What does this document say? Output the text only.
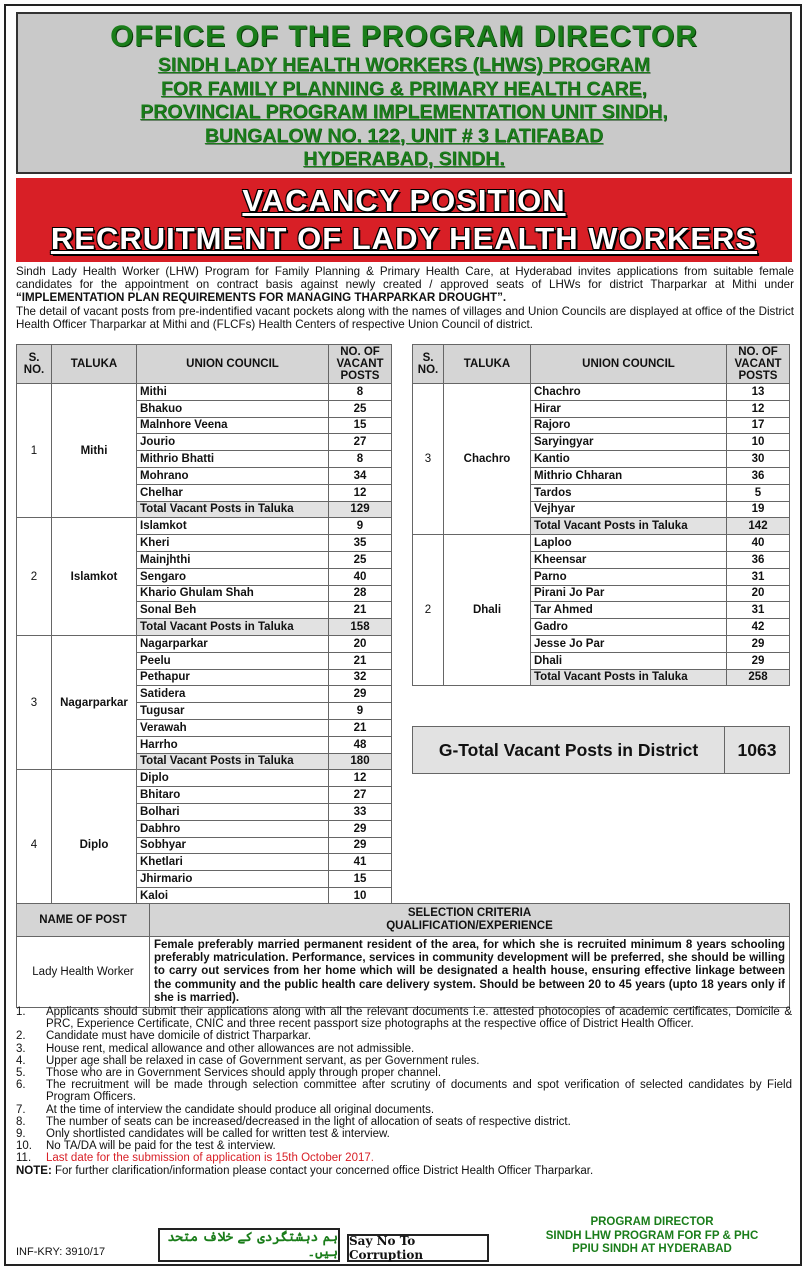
OFFICE OF THE PROGRAM DIRECTOR
SINDH LADY HEALTH WORKERS (LHWS) PROGRAM
FOR FAMILY PLANNING & PRIMARY HEALTH CARE,
PROVINCIAL PROGRAM IMPLEMENTATION UNIT SINDH,
BUNGALOW NO. 122, UNIT # 3 LATIFABAD
HYDERABAD, SINDH.
VACANCY POSITION
RECRUITMENT OF LADY HEALTH WORKERS
Sindh Lady Health Worker (LHW) Program for Family Planning & Primary Health Care, at Hyderabad invites applications from suitable female candidates for the appointment on contract basis against newly created / approved seats of LHWs for district Tharparkar at Mithi under “IMPLEMENTATION PLAN REQUIREMENTS FOR MANAGING THARPARKAR DROUGHT”.
The detail of vacant posts from pre-indentified vacant pockets along with the names of villages and Union Councils are displayed at office of the District Health Officer Tharparkar at Mithi and (FLCFs) Health Centers of respective Union Council of district.
S. NO.	TALUKA	UNION COUNCIL	NO. OF VACANT POSTS
1	Mithi	Mithi	8
		Bhakuo	25
		Malnhore Veena	15
		Jourio	27
		Mithrio Bhatti	8
		Mohrano	34
		Chelhar	12
		Total Vacant Posts in Taluka	129
2	Islamkot	Islamkot	9
		Kheri	35
		Mainjhthi	25
		Sengaro	40
		Khario Ghulam Shah	28
		Sonal Beh	21
		Total Vacant Posts in Taluka	158
3	Nagarparkar	Nagarparkar	20
		Peelu	21
		Pethapur	32
		Satidera	29
		Tugusar	9
		Verawah	21
		Harrho	48
		Total Vacant Posts in Taluka	180
4	Diplo	Diplo	12
		Bhitaro	27
		Bolhari	33
		Dabhro	29
		Sobhyar	29
		Khetlari	41
		Jhirmario	15
		Kaloi	10

S. NO.	TALUKA	UNION COUNCIL	NO. OF VACANT POSTS
3	Chachro	Chachro	13
		Hirar	12
		Rajoro	17
		Saryingyar	10
		Kantio	30
		Mithrio Chharan	36
		Tardos	5
		Vejhyar	19
		Total Vacant Posts in Taluka	142
2	Dhali	Laploo	40
		Kheensar	36
		Parno	31
		Pirani Jo Par	20
		Tar Ahmed	31
		Gadro	42
		Jesse Jo Par	29
		Dhali	29
		Total Vacant Posts in Taluka	258
G-Total Vacant Posts in District	1063
NAME OF POST	SELECTION CRITERIA
QUALIFICATION/EXPERIENCE

Lady Health Worker	Female preferably married permanent resident of the area, for which she is recruited minimum 8 years schooling preferably matriculation. Performance, services in community development will be preferred, she should be willing to carry out services from her home which will be designated a health house, ensuring effective linkage between the community and the public health care delivery system. Should be between 20 to 45 years (upto 18 years only if she is married).
1.	Applicants should submit their applications along with all the relevant documents i.e. attested photocopies of academic certificates, Domicile & PRC, Experience Certificate, CNIC and three recent passport size photographs at the respective office of District Health Officer.
2.	Candidate must have domicile of district Tharparkar.
3.	House rent, medical allowance and other allowances are not admissible.
4.	Upper age shall be relaxed in case of Government servant, as per Government rules.
5.	Those who are in Government Services should apply through proper channel.
6.	The recruitment will be made through selection committee after scrutiny of documents and spot verification of selected candidates by Field Program Officers.
7.	At the time of interview the candidate should produce all original documents.
8.	The number of seats can be increased/decreased in the light of allocation of seats of respective district.
9.	Only shortlisted candidates will be called for written test & interview.
10.	No TA/DA will be paid for the test & interview.
11.	Last date for the submission of application is 15th October 2017.
NOTE: For further clarification/information please contact your concerned office District Health Officer Tharparkar.
INF-KRY: 3910/17
ہم دہشتگردی کے خلاف متحد ہیں۔
Say No To Corruption
PROGRAM DIRECTOR
SINDH LHW PROGRAM FOR FP & PHC
PPIU SINDH AT HYDERABAD
